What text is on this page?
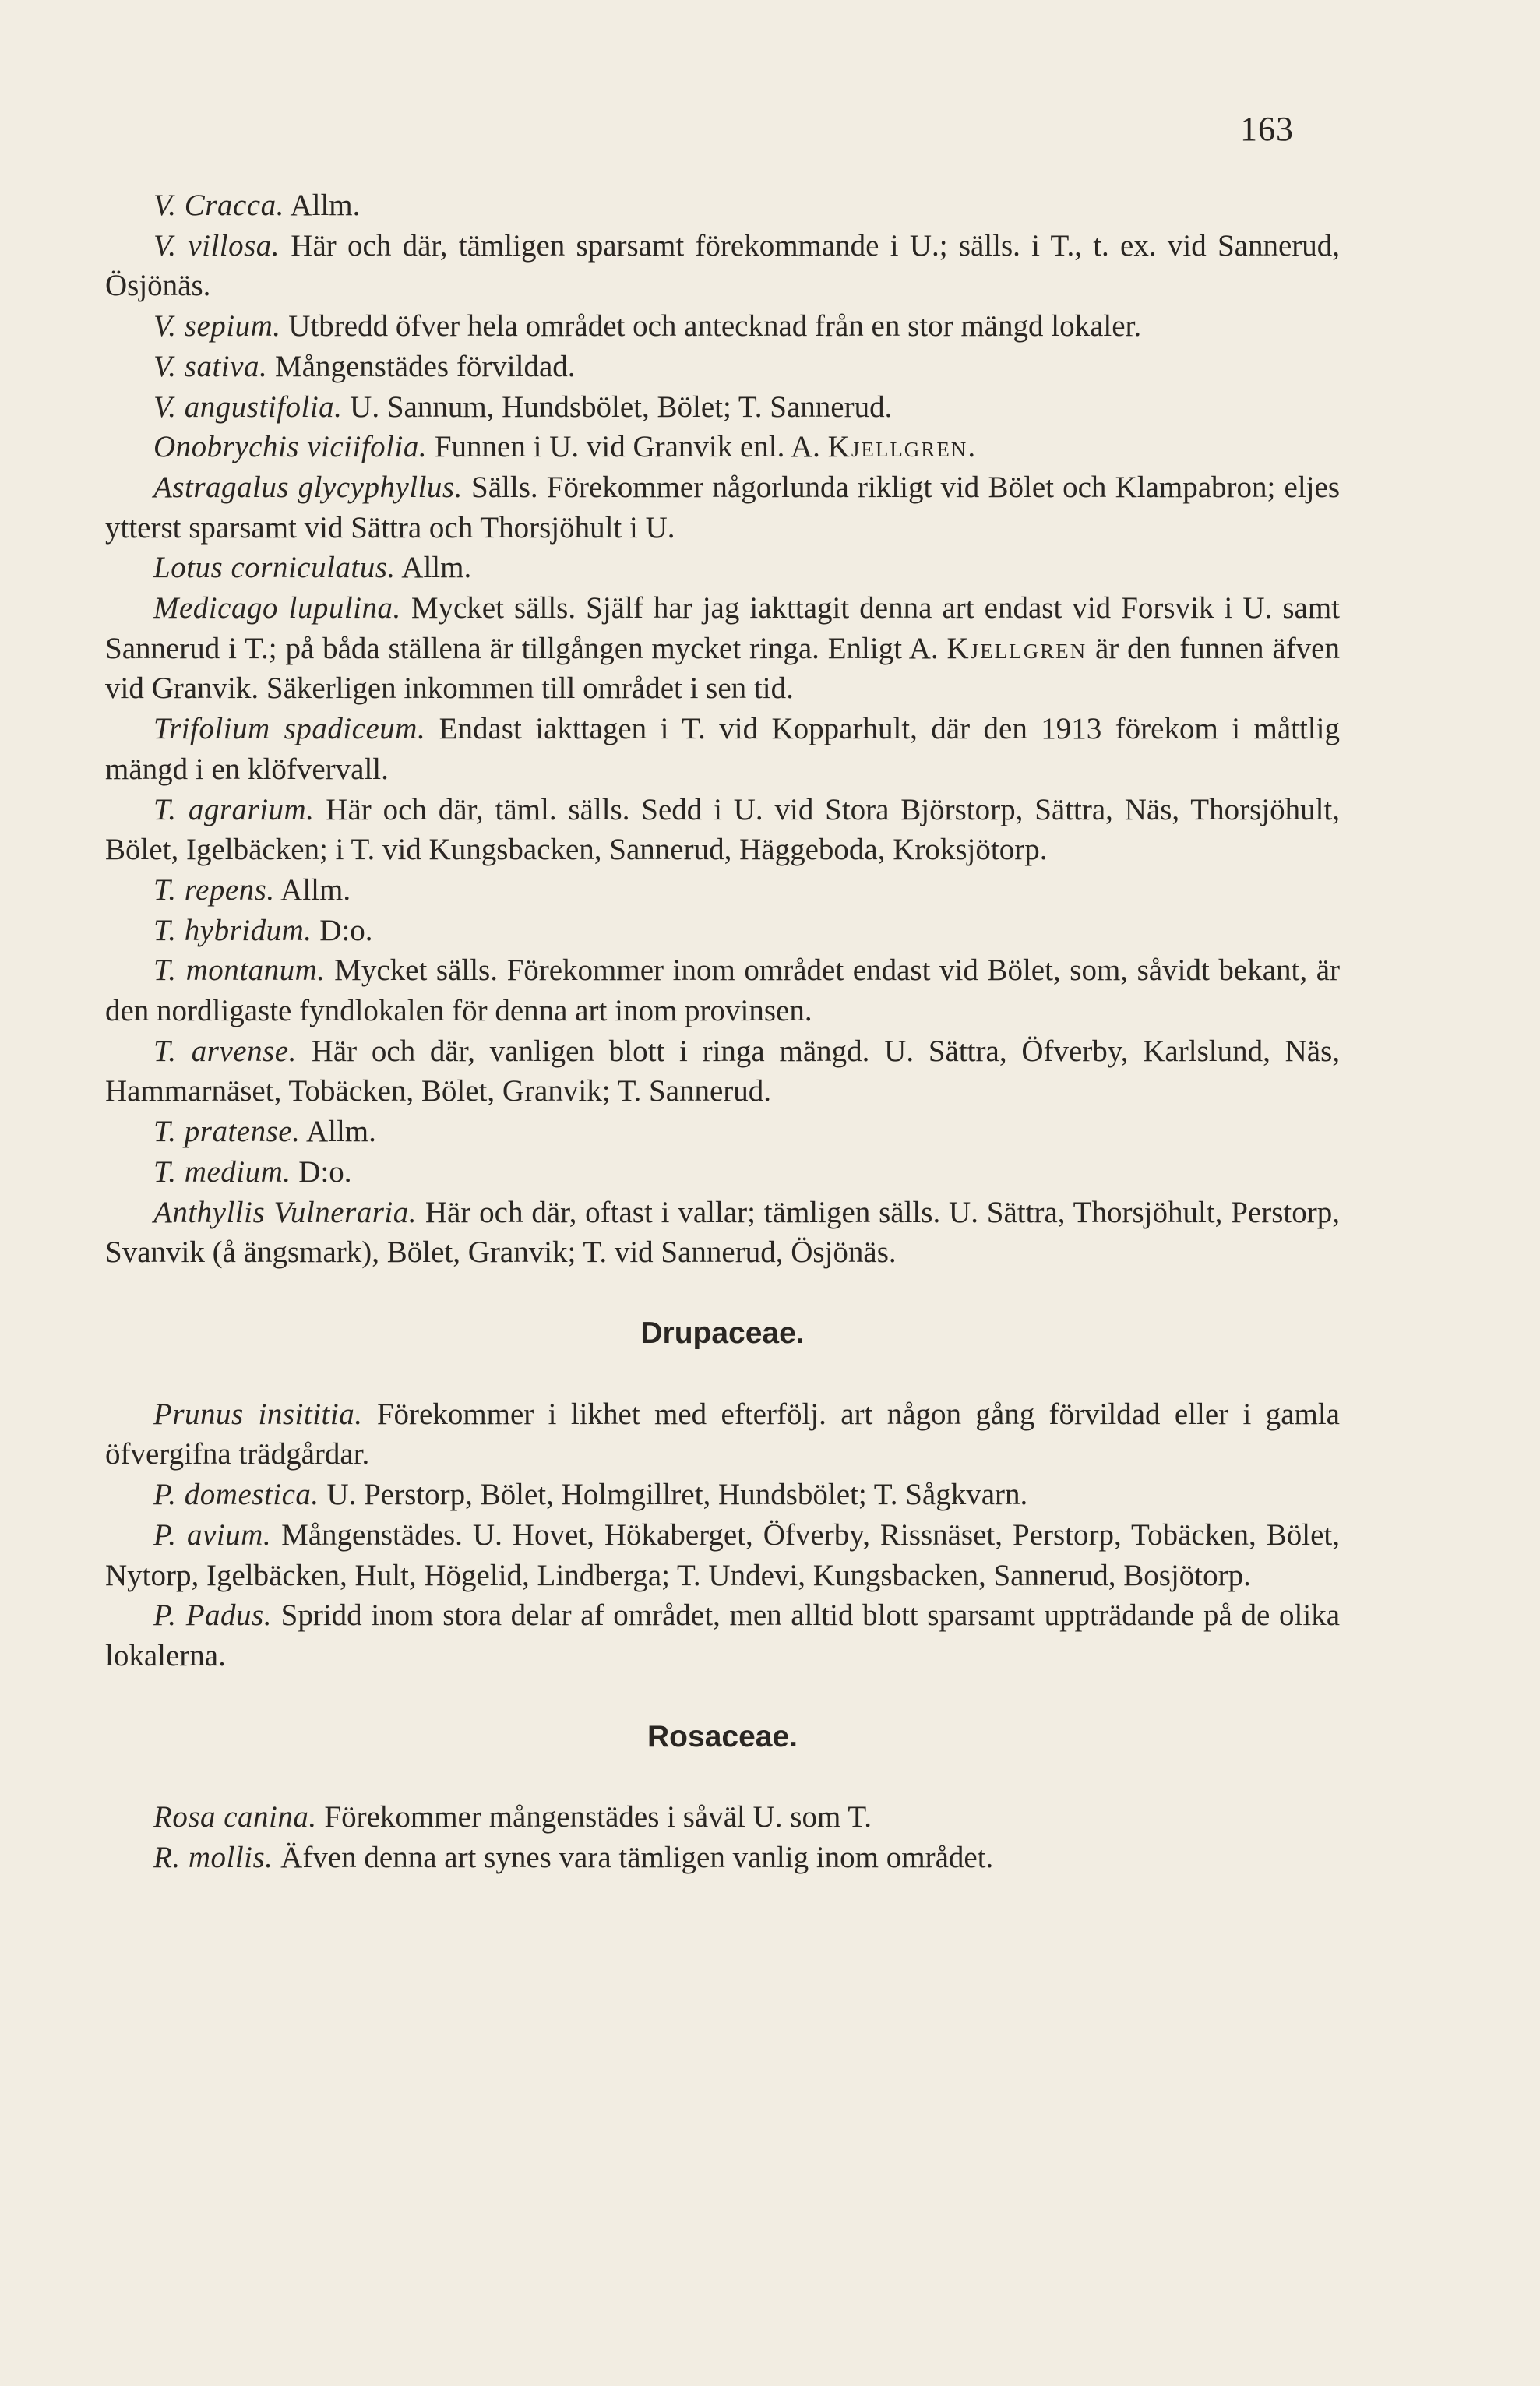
163

V. Cracca. Allm.

V. villosa. Här och där, tämligen sparsamt förekommande i U.; sälls. i T., t. ex. vid Sannerud, Ösjönäs.

V. sepium. Utbredd öfver hela området och antecknad från en stor mängd lokaler.

V. sativa. Mångenstädes förvildad.

V. angustifolia. U. Sannum, Hundsbölet, Bölet; T. Sannerud.

Onobrychis viciifolia. Funnen i U. vid Granvik enl. A. Kjellgren.

Astragalus glycyphyllus. Sälls. Förekommer någorlunda rikligt vid Bölet och Klampabron; eljes ytterst sparsamt vid Sättra och Thorsjöhult i U.

Lotus corniculatus. Allm.

Medicago lupulina. Mycket sälls. Själf har jag iakttagit denna art endast vid Forsvik i U. samt Sannerud i T.; på båda ställena är tillgången mycket ringa. Enligt A. Kjellgren är den funnen äfven vid Granvik. Säkerligen inkommen till området i sen tid.

Trifolium spadiceum. Endast iakttagen i T. vid Kopparhult, där den 1913 förekom i måttlig mängd i en klöfvervall.

T. agrarium. Här och där, täml. sälls. Sedd i U. vid Stora Björstorp, Sättra, Näs, Thorsjöhult, Bölet, Igelbäcken; i T. vid Kungsbacken, Sannerud, Häggeboda, Kroksjötorp.

T. repens. Allm.

T. hybridum. D:o.

T. montanum. Mycket sälls. Förekommer inom området endast vid Bölet, som, såvidt bekant, är den nordligaste fyndlokalen för denna art inom provinsen.

T. arvense. Här och där, vanligen blott i ringa mängd. U. Sättra, Öfverby, Karlslund, Näs, Hammarnäset, Tobäcken, Bölet, Granvik; T. Sannerud.

T. pratense. Allm.

T. medium. D:o.

Anthyllis Vulneraria. Här och där, oftast i vallar; tämligen sälls. U. Sättra, Thorsjöhult, Perstorp, Svanvik (å ängsmark), Bölet, Granvik; T. vid Sannerud, Ösjönäs.

Drupaceae.

Prunus insititia. Förekommer i likhet med efterfölj. art någon gång förvildad eller i gamla öfvergifna trädgårdar.

P. domestica. U. Perstorp, Bölet, Holmgillret, Hundsbölet; T. Sågkvarn.

P. avium. Mångenstädes. U. Hovet, Hökaberget, Öfverby, Rissnäset, Perstorp, Tobäcken, Bölet, Nytorp, Igelbäcken, Hult, Högelid, Lindberga; T. Undevi, Kungsbacken, Sannerud, Bosjötorp.

P. Padus. Spridd inom stora delar af området, men alltid blott sparsamt uppträdande på de olika lokalerna.

Rosaceae.

Rosa canina. Förekommer mångenstädes i såväl U. som T.

R. mollis. Äfven denna art synes vara tämligen vanlig inom området.
